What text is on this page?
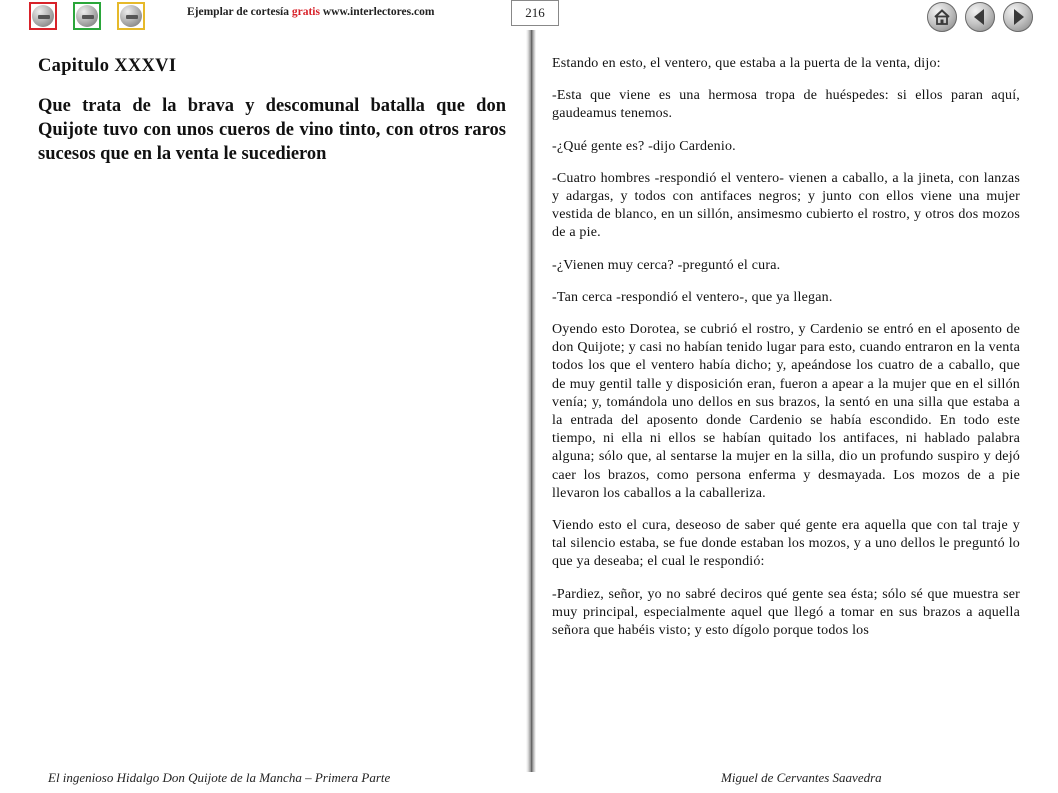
Ejemplar de cortesía gratis www.interlectores.com	216
Capitulo XXXVI

Que trata de la brava y descomunal batalla que don Quijote tuvo con unos cueros de vino tinto, con otros raros sucesos que en la venta le sucedieron

Estando en esto, el ventero, que estaba a la puerta de la venta, dijo:

-Esta que viene es una hermosa tropa de huéspedes: si ellos paran aquí, gaudeamus tenemos.

-¿Qué gente es? -dijo Cardenio.

-Cuatro hombres -respondió el ventero- vienen a caballo, a la jineta, con lanzas y adargas, y todos con antifaces negros; y junto con ellos viene una mujer vestida de blanco, en un sillón, ansimesmo cubierto el rostro, y otros dos mozos de a pie.

-¿Vienen muy cerca? -preguntó el cura.

-Tan cerca -respondió el ventero-, que ya llegan.

Oyendo esto Dorotea, se cubrió el rostro, y Cardenio se entró en el aposento de don Quijote; y casi no habían tenido lugar para esto, cuando entraron en la venta todos los que el ventero había dicho; y, apeándose los cuatro de a caballo, que de muy gentil talle y disposición eran, fueron a apear a la mujer que en el sillón venía; y, tomándola uno dellos en sus brazos, la sentó en una silla que estaba a la entrada del aposento donde Cardenio se había escondido. En todo este tiempo, ni ella ni ellos se habían quitado los antifaces, ni hablado palabra alguna; sólo que, al sentarse la mujer en la silla, dio un profundo suspiro y dejó caer los brazos, como persona enferma y desmayada. Los mozos de a pie llevaron los caballos a la caballeriza.

Viendo esto el cura, deseoso de saber qué gente era aquella que con tal traje y tal silencio estaba, se fue donde estaban los mozos, y a uno dellos le preguntó lo que ya deseaba; el cual le respondió:

-Pardiez, señor, yo no sabré deciros qué gente sea ésta; sólo sé que muestra ser muy principal, especialmente aquel que llegó a tomar en sus brazos a aquella señora que habéis visto; y esto dígolo porque todos los

El ingenioso Hidalgo Don Quijote de la Mancha – Primera Parte	Miguel de Cervantes Saavedra
